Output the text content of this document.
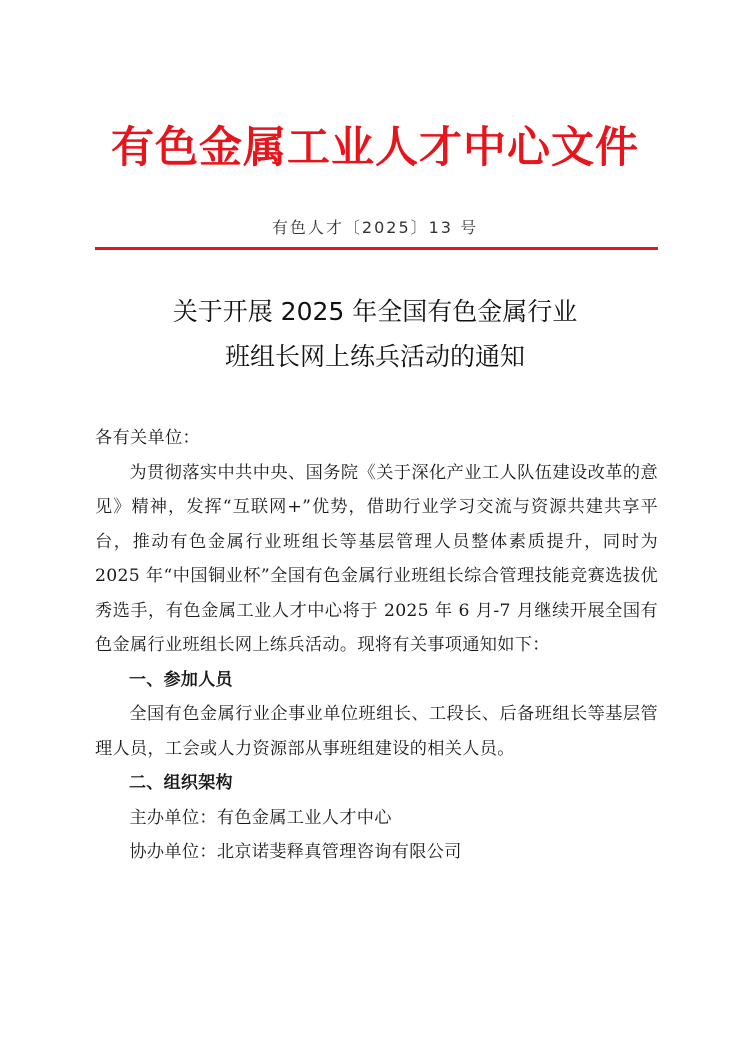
有色金属工业人才中心文件
有色人才〔2025〕13 号
关于开展 2025 年全国有色金属行业
班组长网上练兵活动的通知

各有关单位：

为贯彻落实中共中央、国务院《关于深化产业工人队伍建设改革的意见》精神，发挥“互联网+”优势，借助行业学习交流与资源共建共享平台，推动有色金属行业班组长等基层管理人员整体素质提升，同时为 2025 年“中国铜业杯”全国有色金属行业班组长综合管理技能竞赛选拔优秀选手，有色金属工业人才中心将于 2025 年 6 月-7 月继续开展全国有色金属行业班组长网上练兵活动。现将有关事项通知如下：

一、参加人员

全国有色金属行业企事业单位班组长、工段长、后备班组长等基层管理人员，工会或人力资源部从事班组建设的相关人员。

二、组织架构

主办单位：有色金属工业人才中心

协办单位：北京诺斐释真管理咨询有限公司
